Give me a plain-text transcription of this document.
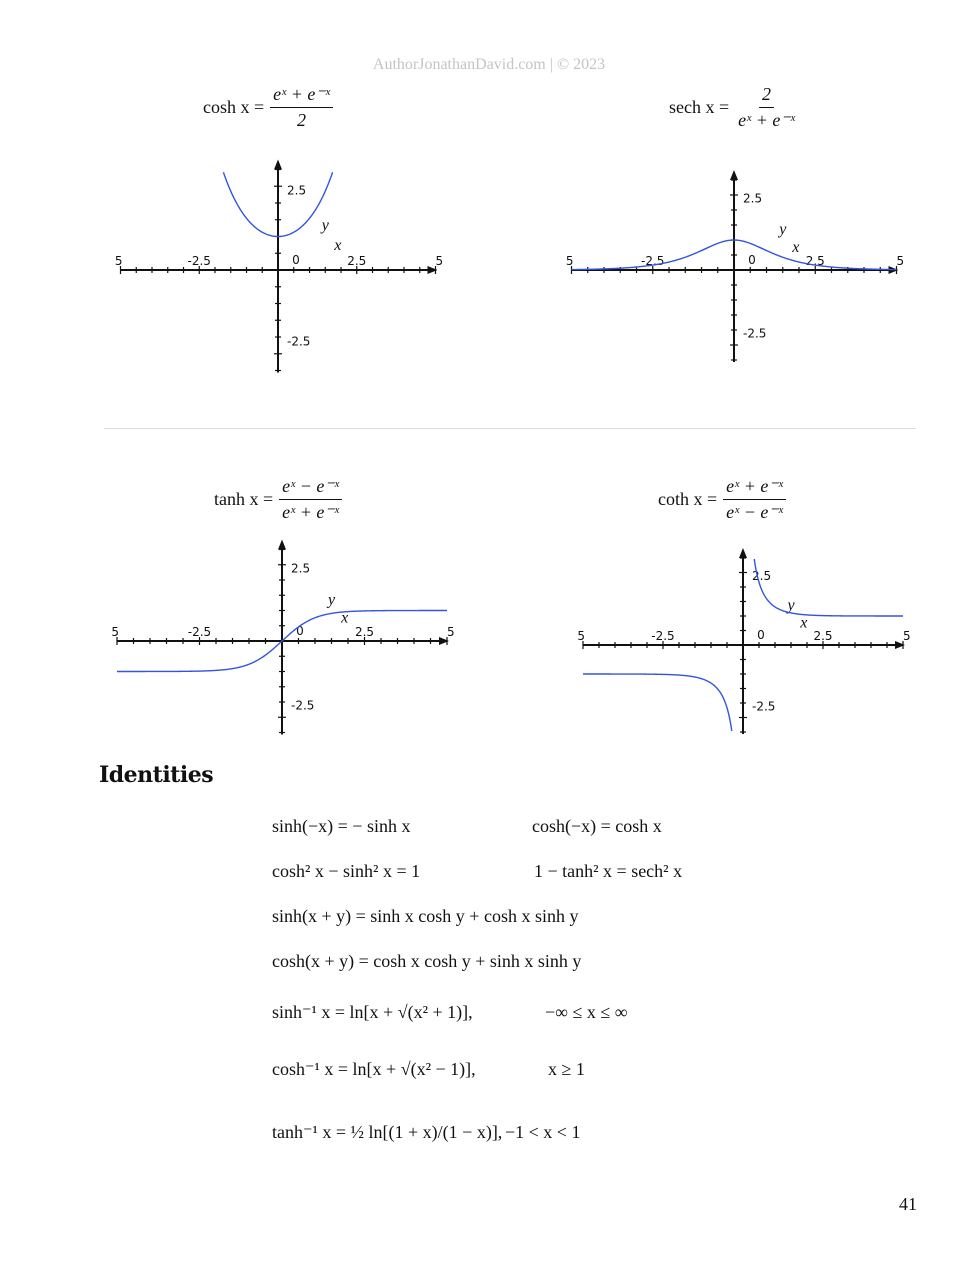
AuthorJonathanDavid.com | © 2023
$\cosh x = \frac{\text{eˣ + e⁻ˣ}}{2}$
-2.5	2.5
0
5	5
2.5
-2.5
y
x
sech $x = \frac{2}{\text{eˣ + e⁻ˣ}}$
-2.5	2.5
0
5	5
2.5
-2.5
y
x
$\tanh x = \frac{\text{eˣ − e⁻ˣ}}{\text{eˣ + e⁻ˣ}}$
-2.5	2.5
0
5	5
2.5
-2.5
y
x
coth $x = \frac{\text{eˣ + e⁻ˣ}}{\text{eˣ − e⁻ˣ}}$
-2.5	2.5
0
5	5
2.5
-2.5
y
x
Identities
sinh(−x) = − sinh x	cosh(−x) = cosh x
cosh² x − sinh² x = 1	1 − tanh² x = sech² x
sinh(x + y) = sinh x cosh y + cosh x sinh y
cosh(x + y) = cosh x cosh y + sinh x sinh y
sinh⁻¹ x = ln[x + √(x² + 1)],	−∞ ≤ x ≤ ∞
cosh⁻¹ x = ln[x + √(x² − 1)],	x ≥ 1
tanh⁻¹ x = ½ ln[(1 + x)/(1 − x)], −1 < x < 1
41
